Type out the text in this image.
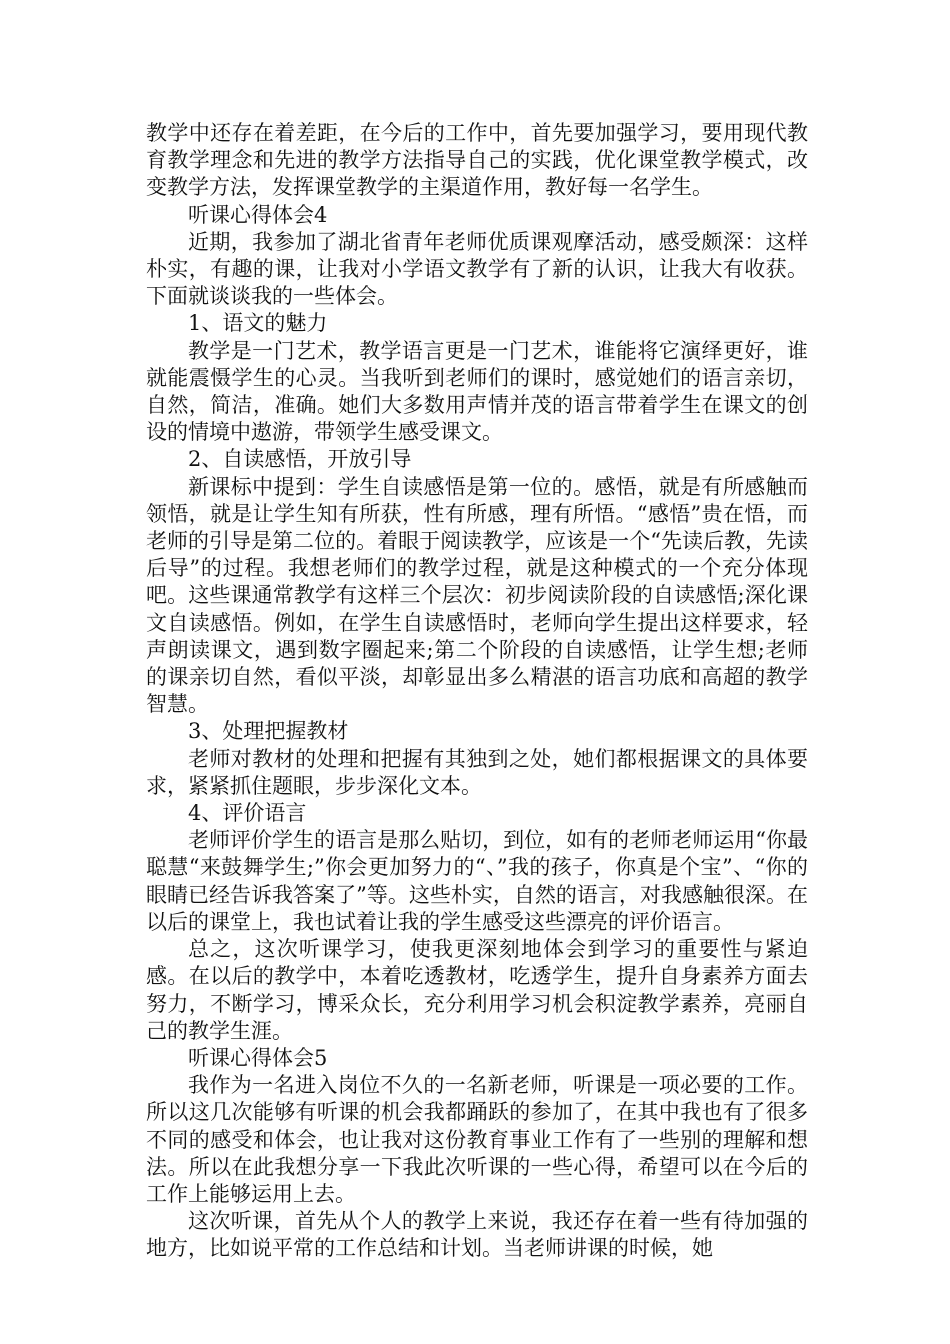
教学中还存在着差距，在今后的工作中，首先要加强学习，要用现代教育教学理念和先进的教学方法指导自己的实践，优化课堂教学模式，改变教学方法，发挥课堂教学的主渠道作用，教好每一名学生。

听课心得体会4

近期，我参加了湖北省青年老师优质课观摩活动，感受颇深：这样朴实，有趣的课，让我对小学语文教学有了新的认识，让我大有收获。下面就谈谈我的一些体会。

1、语文的魅力

教学是一门艺术，教学语言更是一门艺术，谁能将它演绎更好，谁就能震慑学生的心灵。当我听到老师们的课时，感觉她们的语言亲切，自然，简洁，准确。她们大多数用声情并茂的语言带着学生在课文的创设的情境中遨游，带领学生感受课文。

2、自读感悟，开放引导

新课标中提到：学生自读感悟是第一位的。感悟，就是有所感触而领悟，就是让学生知有所获，性有所感，理有所悟。“感悟”贵在悟，而老师的引导是第二位的。着眼于阅读教学，应该是一个“先读后教，先读后导”的过程。我想老师们的教学过程，就是这种模式的一个充分体现吧。这些课通常教学有这样三个层次：初步阅读阶段的自读感悟;深化课文自读感悟。例如，在学生自读感悟时，老师向学生提出这样要求，轻声朗读课文，遇到数字圈起来;第二个阶段的自读感悟，让学生想;老师的课亲切自然，看似平淡，却彰显出多么精湛的语言功底和高超的教学智慧。

3、处理把握教材

老师对教材的处理和把握有其独到之处，她们都根据课文的具体要求，紧紧抓住题眼，步步深化文本。

4、评价语言

老师评价学生的语言是那么贴切，到位，如有的老师老师运用“你最聪慧“来鼓舞学生;”你会更加努力的“、”我的孩子，你真是个宝”、“你的眼睛已经告诉我答案了”等。这些朴实，自然的语言，对我感触很深。在以后的课堂上，我也试着让我的学生感受这些漂亮的评价语言。

总之，这次听课学习，使我更深刻地体会到学习的重要性与紧迫感。在以后的教学中，本着吃透教材，吃透学生，提升自身素养方面去努力，不断学习，博采众长，充分利用学习机会积淀教学素养，亮丽自己的教学生涯。

听课心得体会5

我作为一名进入岗位不久的一名新老师，听课是一项必要的工作。所以这几次能够有听课的机会我都踊跃的参加了，在其中我也有了很多不同的感受和体会，也让我对这份教育事业工作有了一些别的理解和想法。所以在此我想分享一下我此次听课的一些心得，希望可以在今后的工作上能够运用上去。

这次听课，首先从个人的教学上来说，我还存在着一些有待加强的地方，比如说平常的工作总结和计划。当老师讲课的时候，她
